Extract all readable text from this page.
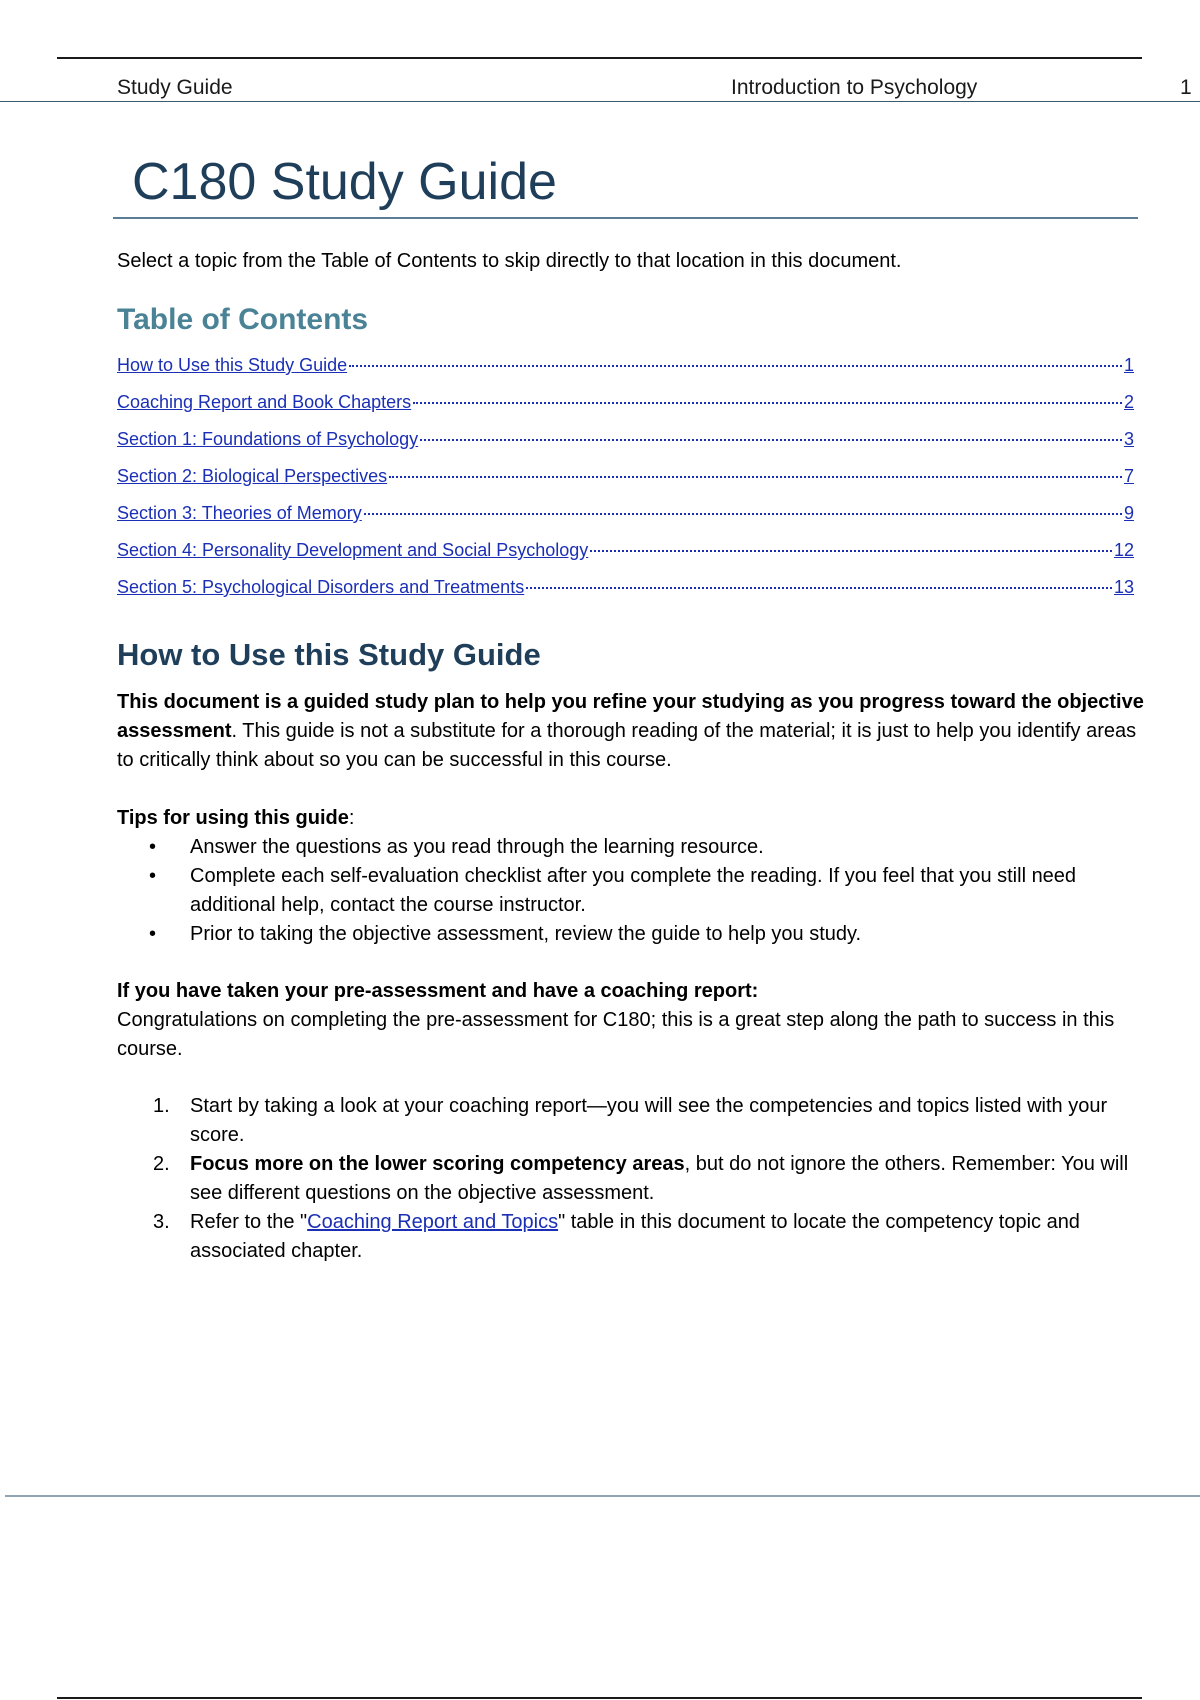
Study Guide	Introduction to Psychology	1
C180 Study Guide
Select a topic from the Table of Contents to skip directly to that location in this document.
Table of Contents
How to Use this Study Guide	1
Coaching Report and Book Chapters	2
Section 1: Foundations of Psychology	3
Section 2: Biological Perspectives	7
Section 3: Theories of Memory	9
Section 4: Personality Development and Social Psychology	12
Section 5: Psychological Disorders and Treatments	13
How to Use this Study Guide

This document is a guided study plan to help you refine your studying as you progress toward the objective assessment. This guide is not a substitute for a thorough reading of the material; it is just to help you identify areas to critically think about so you can be successful in this course.

Tips for using this guide:
• Answer the questions as you read through the learning resource.
• Complete each self-evaluation checklist after you complete the reading. If you feel that you still need additional help, contact the course instructor.
• Prior to taking the objective assessment, review the guide to help you study.
If you have taken your pre-assessment and have a coaching report:

Congratulations on completing the pre-assessment for C180; this is a great step along the path to success in this course.

1. Start by taking a look at your coaching report—you will see the competencies and topics listed with your score.
2. Focus more on the lower scoring competency areas, but do not ignore the others. Remember: You will see different questions on the objective assessment.
3. Refer to the "Coaching Report and Topics" table in this document to locate the competency topic and associated chapter.
